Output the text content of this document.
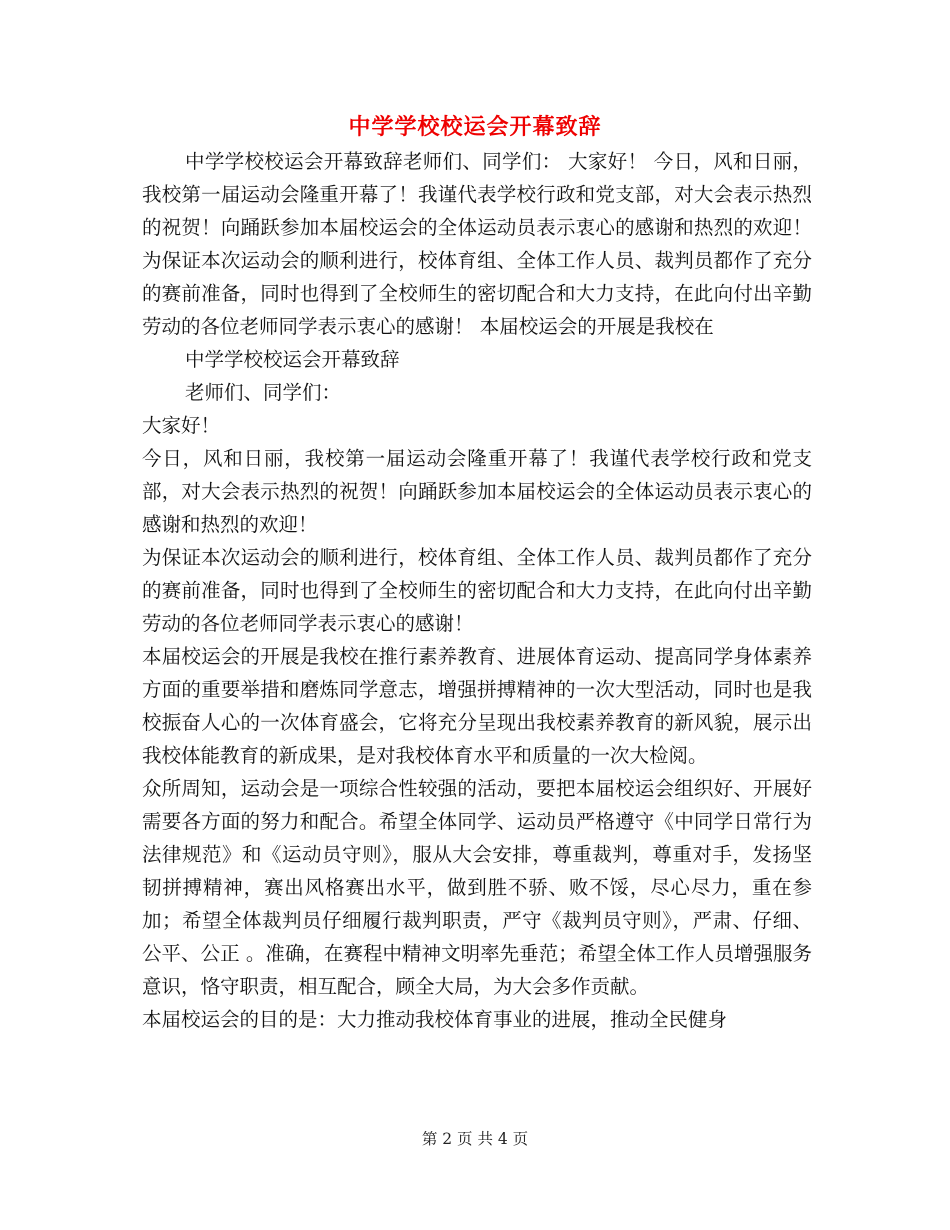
中学学校校运会开幕致辞

中学学校校运会开幕致辞老师们、同学们： 大家好！ 今日，风和日丽，我校第一届运动会隆重开幕了！我谨代表学校行政和党支部，对大会表示热烈的祝贺！向踊跃参加本届校运会的全体运动员表示衷心的感谢和热烈的欢迎！ 为保证本次运动会的顺利进行，校体育组、全体工作人员、裁判员都作了充分的赛前准备，同时也得到了全校师生的密切配合和大力支持，在此向付出辛勤劳动的各位老师同学表示衷心的感谢！ 本届校运会的开展是我校在

中学学校校运会开幕致辞

老师们、同学们：

大家好！

今日，风和日丽，我校第一届运动会隆重开幕了！我谨代表学校行政和党支部，对大会表示热烈的祝贺！向踊跃参加本届校运会的全体运动员表示衷心的感谢和热烈的欢迎！

为保证本次运动会的顺利进行，校体育组、全体工作人员、裁判员都作了充分的赛前准备，同时也得到了全校师生的密切配合和大力支持，在此向付出辛勤劳动的各位老师同学表示衷心的感谢！

本届校运会的开展是我校在推行素养教育、进展体育运动、提高同学身体素养方面的重要举措和磨炼同学意志，增强拼搏精神的一次大型活动，同时也是我校振奋人心的一次体育盛会，它将充分呈现出我校素养教育的新风貌，展示出我校体能教育的新成果，是对我校体育水平和质量的一次大检阅。

众所周知，运动会是一项综合性较强的活动，要把本届校运会组织好、开展好需要各方面的努力和配合。希望全体同学、运动员严格遵守《中同学日常行为法律规范》和《运动员守则》，服从大会安排，尊重裁判，尊重对手，发扬坚韧拼搏精神，赛出风格赛出水平，做到胜不骄、败不馁，尽心尽力，重在参加；希望全体裁判员仔细履行裁判职责，严守《裁判员守则》，严肃、仔细、公平、公正 。准确，在赛程中精神文明率先垂范；希望全体工作人员增强服务意识，恪守职责，相互配合，顾全大局，为大会多作贡献。

本届校运会的目的是：大力推动我校体育事业的进展，推动全民健身

第 2 页 共 4 页
